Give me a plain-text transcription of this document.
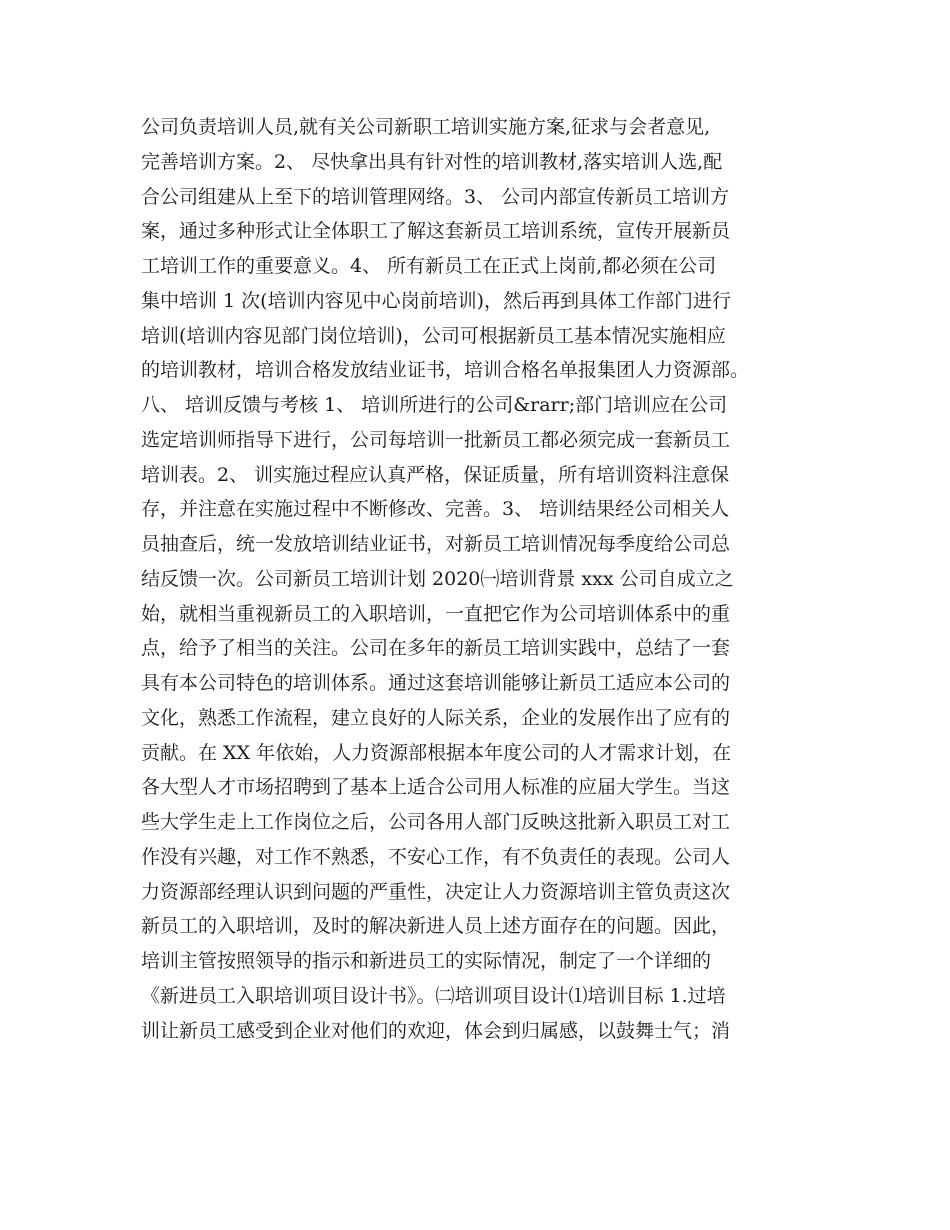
公司负责培训人员,就有关公司新职工培训实施方案,征求与会者意见,
完善培训方案。2、 尽快拿出具有针对性的培训教材,落实培训人选,配
合公司组建从上至下的培训管理网络。3、 公司内部宣传新员工培训方
案，通过多种形式让全体职工了解这套新员工培训系统，宣传开展新员
工培训工作的重要意义。4、 所有新员工在正式上岗前,都必须在公司
集中培训 1 次(培训内容见中心岗前培训)，然后再到具体工作部门进行
培训(培训内容见部门岗位培训)，公司可根据新员工基本情况实施相应
的培训教材，培训合格发放结业证书，培训合格名单报集团人力资源部。
八、 培训反馈与考核 1、 培训所进行的公司&rarr;部门培训应在公司
选定培训师指导下进行，公司每培训一批新员工都必须完成一套新员工
培训表。2、 训实施过程应认真严格，保证质量，所有培训资料注意保
存，并注意在实施过程中不断修改、完善。3、 培训结果经公司相关人
员抽查后，统一发放培训结业证书，对新员工培训情况每季度给公司总
结反馈一次。公司新员工培训计划 2020㈠培训背景 xxx 公司自成立之
始，就相当重视新员工的入职培训，一直把它作为公司培训体系中的重
点，给予了相当的关注。公司在多年的新员工培训实践中，总结了一套
具有本公司特色的培训体系。通过这套培训能够让新员工适应本公司的
文化，熟悉工作流程，建立良好的人际关系，企业的发展作出了应有的
贡献。在 XX 年依始，人力资源部根据本年度公司的人才需求计划，在
各大型人才市场招聘到了基本上适合公司用人标准的应届大学生。当这
些大学生走上工作岗位之后，公司各用人部门反映这批新入职员工对工
作没有兴趣，对工作不熟悉，不安心工作，有不负责任的表现。公司人
力资源部经理认识到问题的严重性，决定让人力资源培训主管负责这次
新员工的入职培训，及时的解决新进人员上述方面存在的问题。因此，
培训主管按照领导的指示和新进员工的实际情况，制定了一个详细的
《新进员工入职培训项目设计书》。㈡培训项目设计⑴培训目标 1.过培
训让新员工感受到企业对他们的欢迎，体会到归属感，以鼓舞士气；消
